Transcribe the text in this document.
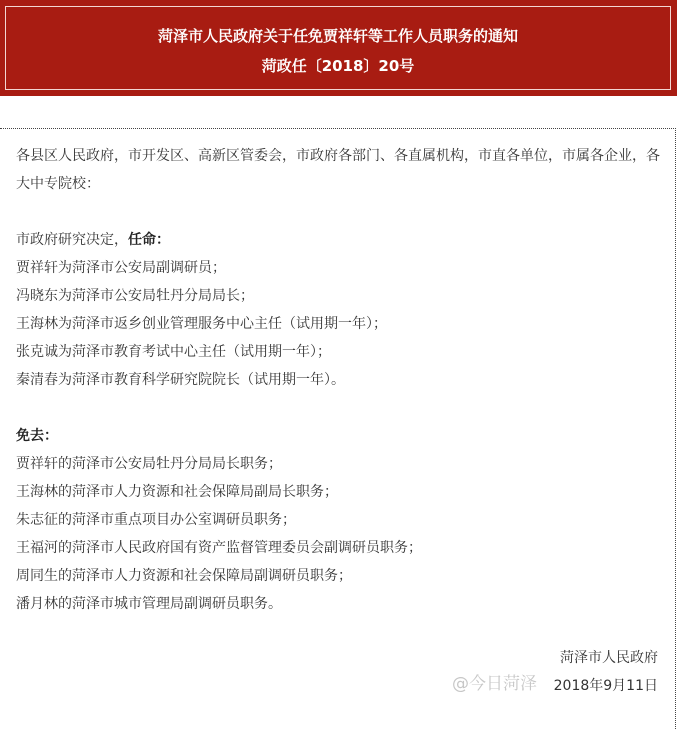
菏泽市人民政府关于任免贾祥轩等工作人员职务的通知
菏政任〔2018〕20号

各县区人民政府，市开发区、高新区管委会，市政府各部门、各直属机构，市直各单位，市属各企业，各大中专院校：

市政府研究决定，任命：

贾祥轩为菏泽市公安局副调研员；

冯晓东为菏泽市公安局牡丹分局局长；

王海林为菏泽市返乡创业管理服务中心主任（试用期一年）；

张克诚为菏泽市教育考试中心主任（试用期一年）；

秦清春为菏泽市教育科学研究院院长（试用期一年）。

免去：

贾祥轩的菏泽市公安局牡丹分局局长职务；

王海林的菏泽市人力资源和社会保障局副局长职务；

朱志征的菏泽市重点项目办公室调研员职务；

王福河的菏泽市人民政府国有资产监督管理委员会副调研员职务；

周同生的菏泽市人力资源和社会保障局副调研员职务；

潘月林的菏泽市城市管理局副调研员职务。

菏泽市人民政府
2018年9月11日
@今日菏泽
